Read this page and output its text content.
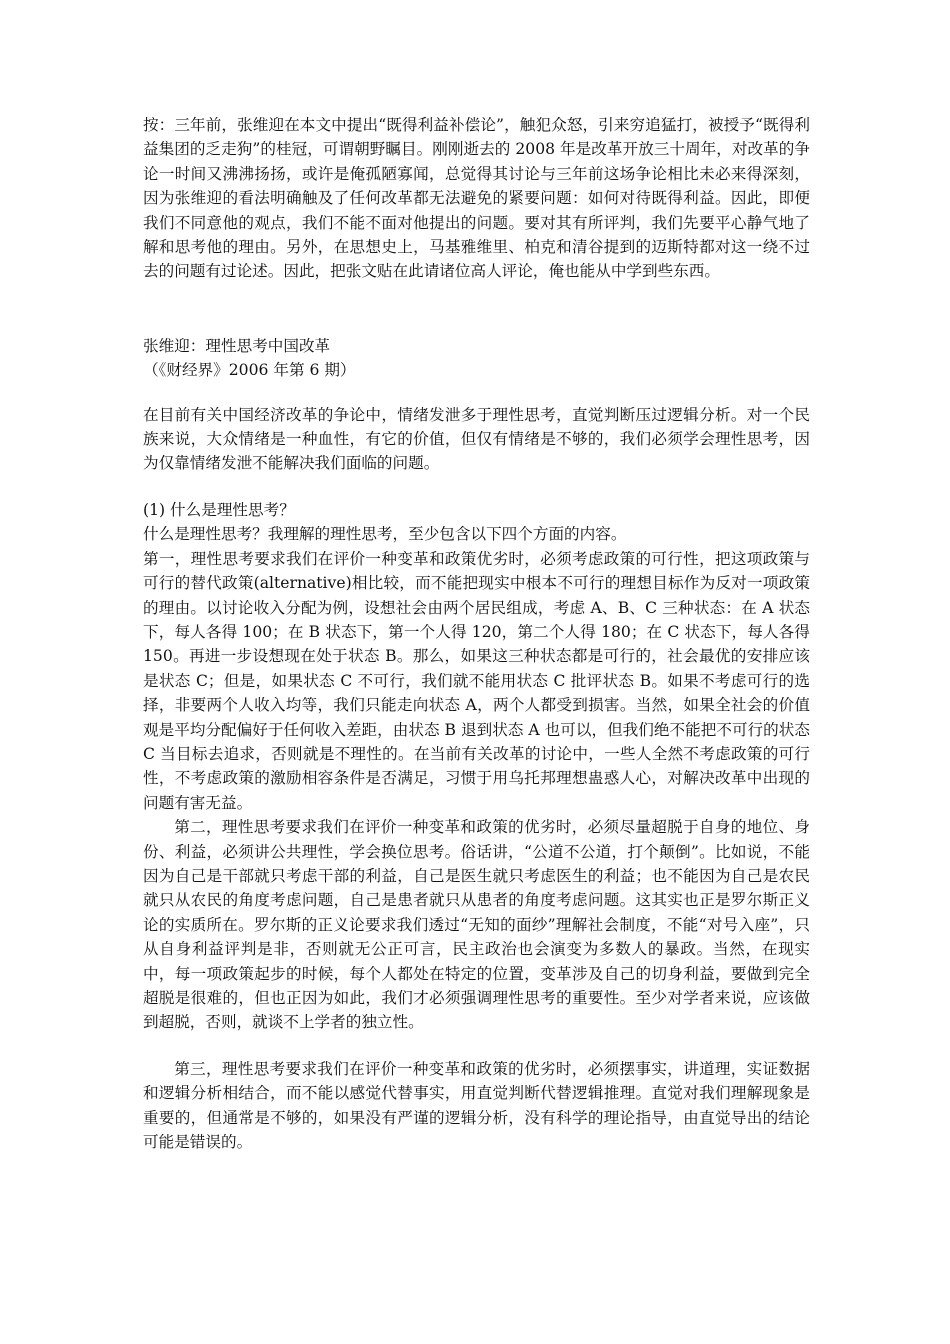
按：三年前，张维迎在本文中提出“既得利益补偿论”，触犯众怒，引来穷追猛打，被授予“既得利益集团的乏走狗”的桂冠，可谓朝野瞩目。刚刚逝去的 2008 年是改革开放三十周年，对改革的争论一时间又沸沸扬扬，或许是俺孤陋寡闻，总觉得其讨论与三年前这场争论相比未必来得深刻，因为张维迎的看法明确触及了任何改革都无法避免的紧要问题：如何对待既得利益。因此，即便我们不同意他的观点，我们不能不面对他提出的问题。要对其有所评判，我们先要平心静气地了解和思考他的理由。另外，在思想史上，马基雅维里、柏克和清谷提到的迈斯特都对这一绕不过去的问题有过论述。因此，把张文贴在此请诸位高人评论，俺也能从中学到些东西。

张维迎：理性思考中国改革

（《财经界》2006 年第 6 期）

在目前有关中国经济改革的争论中，情绪发泄多于理性思考，直觉判断压过逻辑分析。对一个民族来说，大众情绪是一种血性，有它的价值，但仅有情绪是不够的，我们必须学会理性思考，因为仅靠情绪发泄不能解决我们面临的问题。

(1) 什么是理性思考？

什么是理性思考？我理解的理性思考，至少包含以下四个方面的内容。

第一，理性思考要求我们在评价一种变革和政策优劣时，必须考虑政策的可行性，把这项政策与可行的替代政策(alternative)相比较，而不能把现实中根本不可行的理想目标作为反对一项政策的理由。以讨论收入分配为例，设想社会由两个居民组成，考虑 A、B、C 三种状态：在 A 状态下，每人各得 100；在 B 状态下，第一个人得 120，第二个人得 180；在 C 状态下，每人各得 150。再进一步设想现在处于状态 B。那么，如果这三种状态都是可行的，社会最优的安排应该是状态 C；但是，如果状态 C 不可行，我们就不能用状态 C 批评状态 B。如果不考虑可行的选择，非要两个人收入均等，我们只能走向状态 A，两个人都受到损害。当然，如果全社会的价值观是平均分配偏好于任何收入差距，由状态 B 退到状态 A 也可以，但我们绝不能把不可行的状态 C 当目标去追求，否则就是不理性的。在当前有关改革的讨论中，一些人全然不考虑政策的可行性，不考虑政策的激励相容条件是否满足，习惯于用乌托邦理想蛊惑人心，对解决改革中出现的问题有害无益。

第二，理性思考要求我们在评价一种变革和政策的优劣时，必须尽量超脱于自身的地位、身份、利益，必须讲公共理性，学会换位思考。俗话讲，“公道不公道，打个颠倒”。比如说，不能因为自己是干部就只考虑干部的利益，自己是医生就只考虑医生的利益；也不能因为自己是农民就只从农民的角度考虑问题，自己是患者就只从患者的角度考虑问题。这其实也正是罗尔斯正义论的实质所在。罗尔斯的正义论要求我们透过“无知的面纱”理解社会制度，不能“对号入座”，只从自身利益评判是非，否则就无公正可言，民主政治也会演变为多数人的暴政。当然，在现实中，每一项政策起步的时候，每个人都处在特定的位置，变革涉及自己的切身利益，要做到完全超脱是很难的，但也正因为如此，我们才必须强调理性思考的重要性。至少对学者来说，应该做到超脱，否则，就谈不上学者的独立性。

第三，理性思考要求我们在评价一种变革和政策的优劣时，必须摆事实，讲道理，实证数据和逻辑分析相结合，而不能以感觉代替事实，用直觉判断代替逻辑推理。直觉对我们理解现象是重要的，但通常是不够的，如果没有严谨的逻辑分析，没有科学的理论指导，由直觉导出的结论可能是错误的。
